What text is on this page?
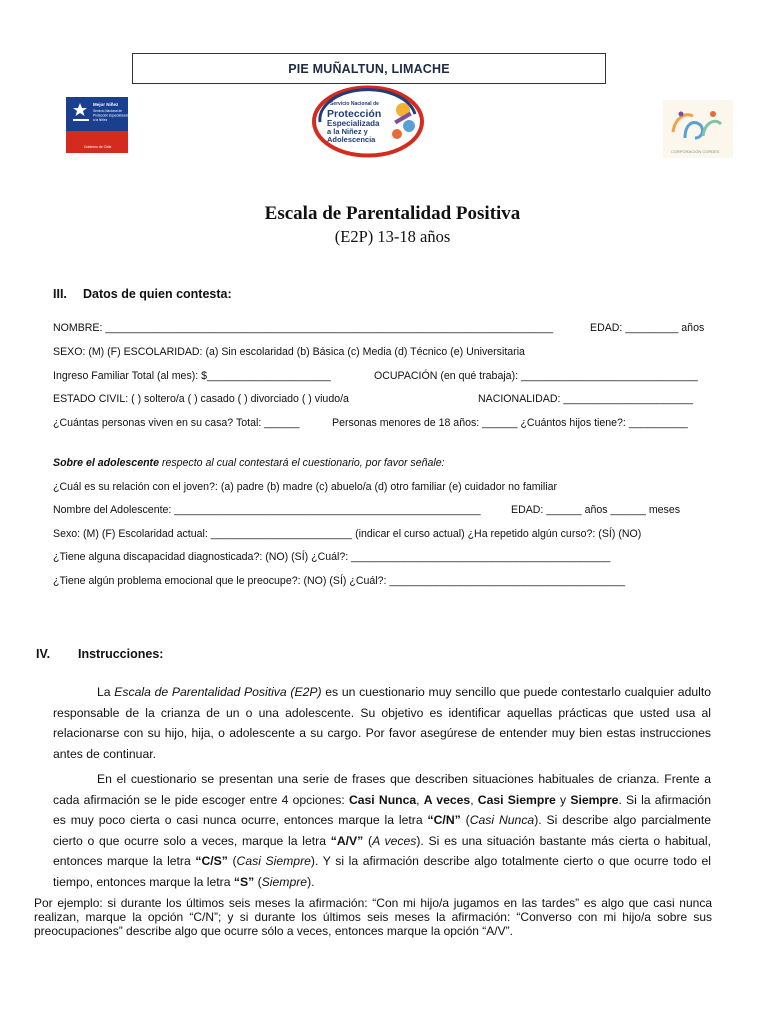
PIE MUÑALTUN, LIMACHE
Mejor Niñez
Servicio Nacional de
Protección Especializada
a la Niñez
Gobierno de Chile
Servicio Nacional de
Protección
Especializada
a la Niñez y
Adolescencia
CORPORACIÓN CORDES
Escala de Parentalidad Positiva
(E2P) 13-18 años
III. Datos de quien contesta:
NOMBRE: ____________________________________________________________________________	EDAD: _________ años
SEXO: (M) (F) ESCOLARIDAD: (a) Sin escolaridad (b) Básica (c) Media (d) Técnico (e) Universitaria
Ingreso Familiar Total (al mes): $_____________________	OCUPACIÓN (en qué trabaja): ______________________________
ESTADO CIVIL: ( ) soltero/a ( ) casado ( ) divorciado ( ) viudo/a	NACIONALIDAD: ______________________
¿Cuántas personas viven en su casa? Total: ______	Personas menores de 18 años: ______ ¿Cuántos hijos tiene?: __________
Sobre el adolescente respecto al cual contestará el cuestionario, por favor señale:
¿Cuál es su relación con el joven?: (a) padre (b) madre (c) abuelo/a (d) otro familiar (e) cuidador no familiar
Nombre del Adolescente: ____________________________________________________	EDAD: ______ años ______ meses
Sexo: (M) (F) Escolaridad actual: ________________________ (indicar el curso actual) ¿Ha repetido algún curso?: (SÍ) (NO)
¿Tiene alguna discapacidad diagnosticada?: (NO) (SÍ) ¿Cuál?: ____________________________________________
¿Tiene algún problema emocional que le preocupe?: (NO) (SÍ) ¿Cuál?: ________________________________________
IV. Instrucciones:
La Escala de Parentalidad Positiva (E2P) es un cuestionario muy sencillo que puede contestarlo cualquier adulto responsable de la crianza de un o una adolescente. Su objetivo es identificar aquellas prácticas que usted usa al relacionarse con su hijo, hija, o adolescente a su cargo. Por favor asegúrese de entender muy bien estas instrucciones antes de continuar.
En el cuestionario se presentan una serie de frases que describen situaciones habituales de crianza. Frente a cada afirmación se le pide escoger entre 4 opciones: Casi Nunca, A veces, Casi Siempre y Siempre. Si la afirmación es muy poco cierta o casi nunca ocurre, entonces marque la letra “C/N” (Casi Nunca). Si describe algo parcialmente cierto o que ocurre solo a veces, marque la letra “A/V” (A veces). Si es una situación bastante más cierta o habitual, entonces marque la letra “C/S” (Casi Siempre). Y si la afirmación describe algo totalmente cierto o que ocurre todo el tiempo, entonces marque la letra “S” (Siempre).
Por ejemplo: si durante los últimos seis meses la afirmación: “Con mi hijo/a jugamos en las tardes” es algo que casi nunca realizan, marque la opción “C/N”; y si durante los últimos seis meses la afirmación: “Converso con mi hijo/a sobre sus preocupaciones” describe algo que ocurre sólo a veces, entonces marque la opción “A/V”.
